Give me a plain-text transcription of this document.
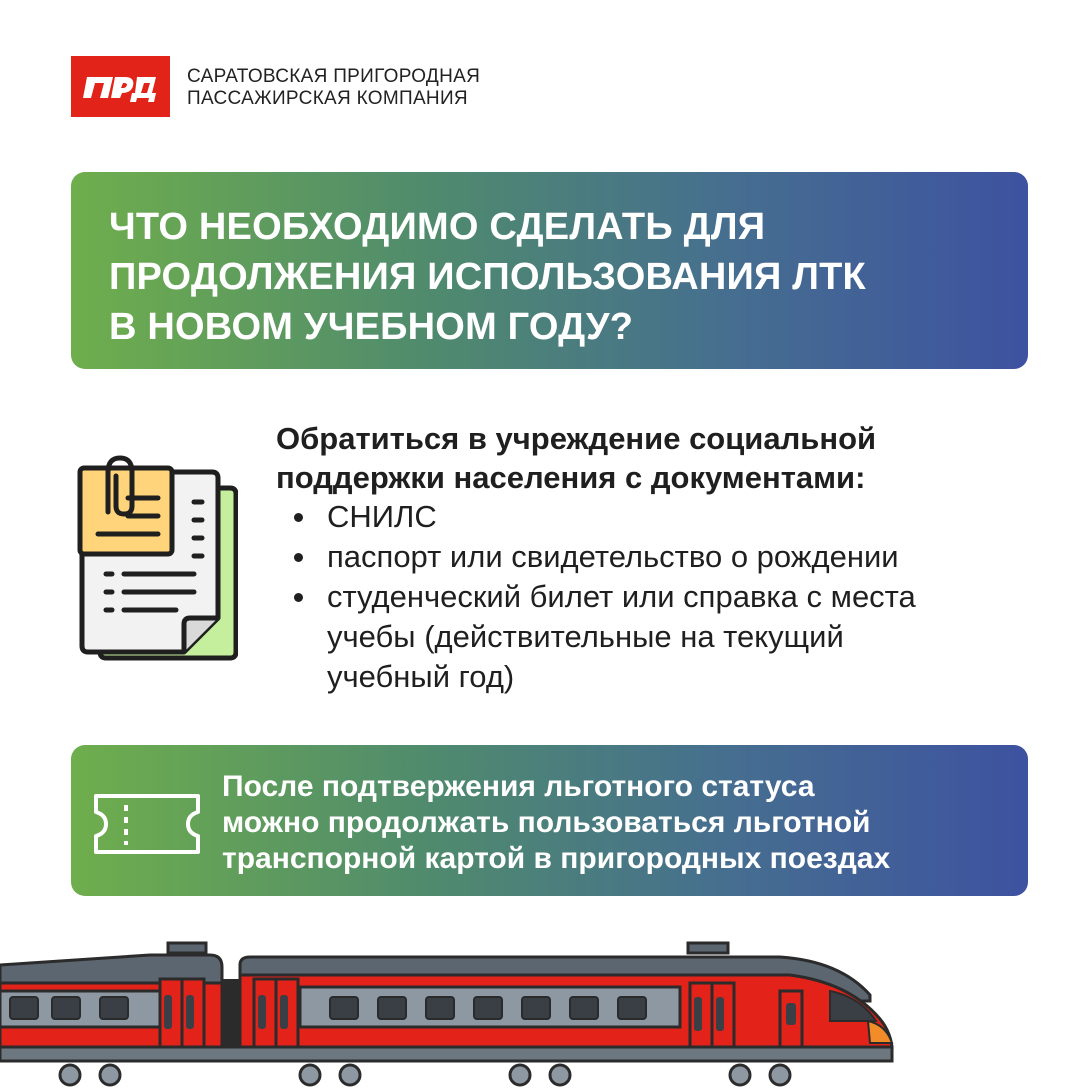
САРАТОВСКАЯ ПРИГОРОДНАЯ
ПАССАЖИРСКАЯ КОМПАНИЯ
ЧТО НЕОБХОДИМО СДЕЛАТЬ ДЛЯ
ПРОДОЛЖЕНИЯ ИСПОЛЬЗОВАНИЯ ЛТК
В НОВОМ УЧЕБНОМ ГОДУ?
Обратиться в учреждение социальной
поддержки населения с документами:
СНИЛС
паспорт или свидетельство о рождении
студенческий билет или справка с места учебы (действительные на текущий учебный год)
После подтвержения льготного статуса
можно продолжать пользоваться льготной
транспорной картой в пригородных поездах
